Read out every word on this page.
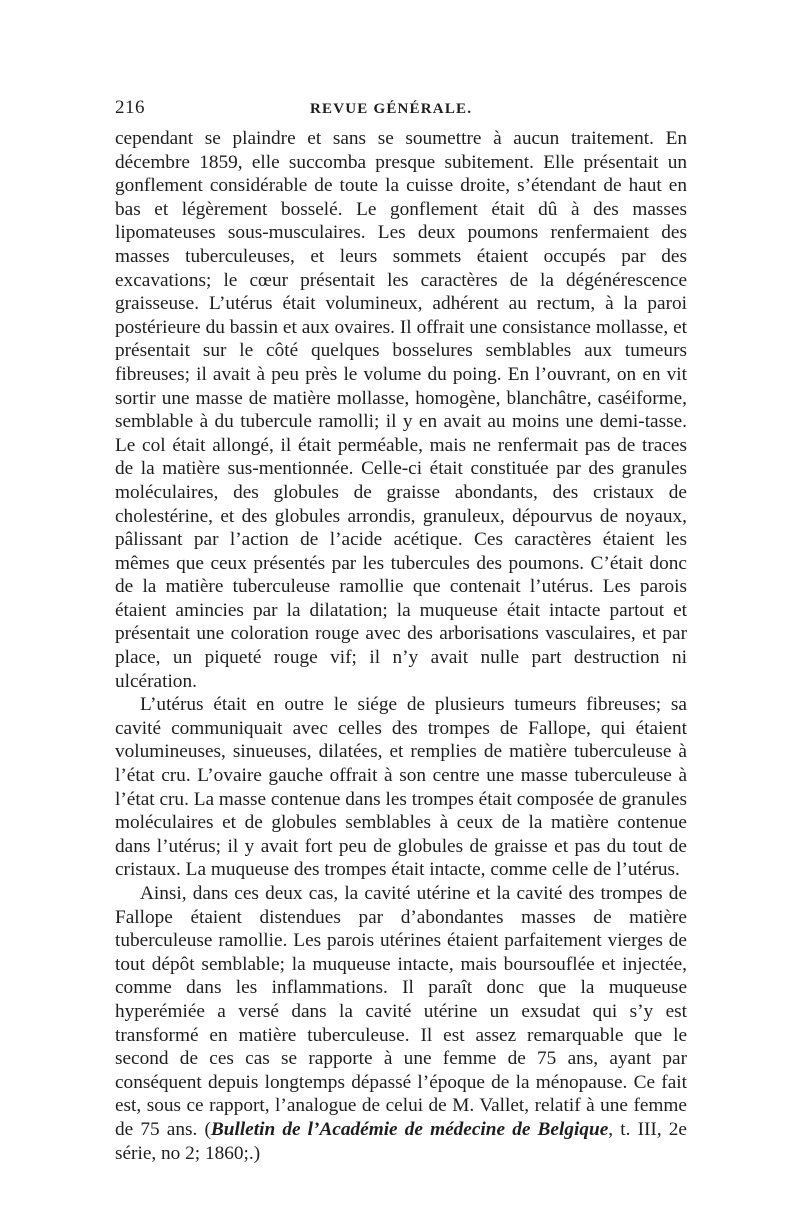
216	REVUE GÉNÉRALE.

cependant se plaindre et sans se soumettre à aucun traitement. En décembre 1859, elle succomba presque subitement. Elle présentait un gonflement considérable de toute la cuisse droite, s’étendant de haut en bas et légèrement bosselé. Le gonflement était dû à des masses lipomateuses sous-musculaires. Les deux poumons renfermaient des masses tuberculeuses, et leurs sommets étaient occupés par des excavations; le cœur présentait les caractères de la dégénérescence graisseuse. L’utérus était volumineux, adhérent au rectum, à la paroi postérieure du bassin et aux ovaires. Il offrait une consistance mollasse, et présentait sur le côté quelques bosselures semblables aux tumeurs fibreuses; il avait à peu près le volume du poing. En l’ouvrant, on en vit sortir une masse de matière mollasse, homogène, blanchâtre, caséiforme, semblable à du tubercule ramolli; il y en avait au moins une demi-tasse. Le col était allongé, il était perméable, mais ne renfermait pas de traces de la matière sus-mentionnée. Celle-ci était constituée par des granules moléculaires, des globules de graisse abondants, des cristaux de cholestérine, et des globules arrondis, granuleux, dépourvus de noyaux, pâlissant par l’action de l’acide acétique. Ces caractères étaient les mêmes que ceux présentés par les tubercules des poumons. C’était donc de la matière tuberculeuse ramollie que contenait l’utérus. Les parois étaient amincies par la dilatation; la muqueuse était intacte partout et présentait une coloration rouge avec des arborisations vasculaires, et par place, un piqueté rouge vif; il n’y avait nulle part destruction ni ulcération.

L’utérus était en outre le siége de plusieurs tumeurs fibreuses; sa cavité communiquait avec celles des trompes de Fallope, qui étaient volumineuses, sinueuses, dilatées, et remplies de matière tuberculeuse à l’état cru. L’ovaire gauche offrait à son centre une masse tuberculeuse à l’état cru. La masse contenue dans les trompes était composée de granules moléculaires et de globules semblables à ceux de la matière contenue dans l’utérus; il y avait fort peu de globules de graisse et pas du tout de cristaux. La muqueuse des trompes était intacte, comme celle de l’utérus.

Ainsi, dans ces deux cas, la cavité utérine et la cavité des trompes de Fallope étaient distendues par d’abondantes masses de matière tuberculeuse ramollie. Les parois utérines étaient parfaitement vierges de tout dépôt semblable; la muqueuse intacte, mais boursouflée et injectée, comme dans les inflammations. Il paraît donc que la muqueuse hyperémiée a versé dans la cavité utérine un exsudat qui s’y est transformé en matière tuberculeuse. Il est assez remarquable que le second de ces cas se rapporte à une femme de 75 ans, ayant par conséquent depuis longtemps dépassé l’époque de la ménopause. Ce fait est, sous ce rapport, l’analogue de celui de M. Vallet, relatif à une femme de 75 ans. (Bulletin de l’Académie de médecine de Belgique, t. III, 2e série, no 2; 1860;.)
